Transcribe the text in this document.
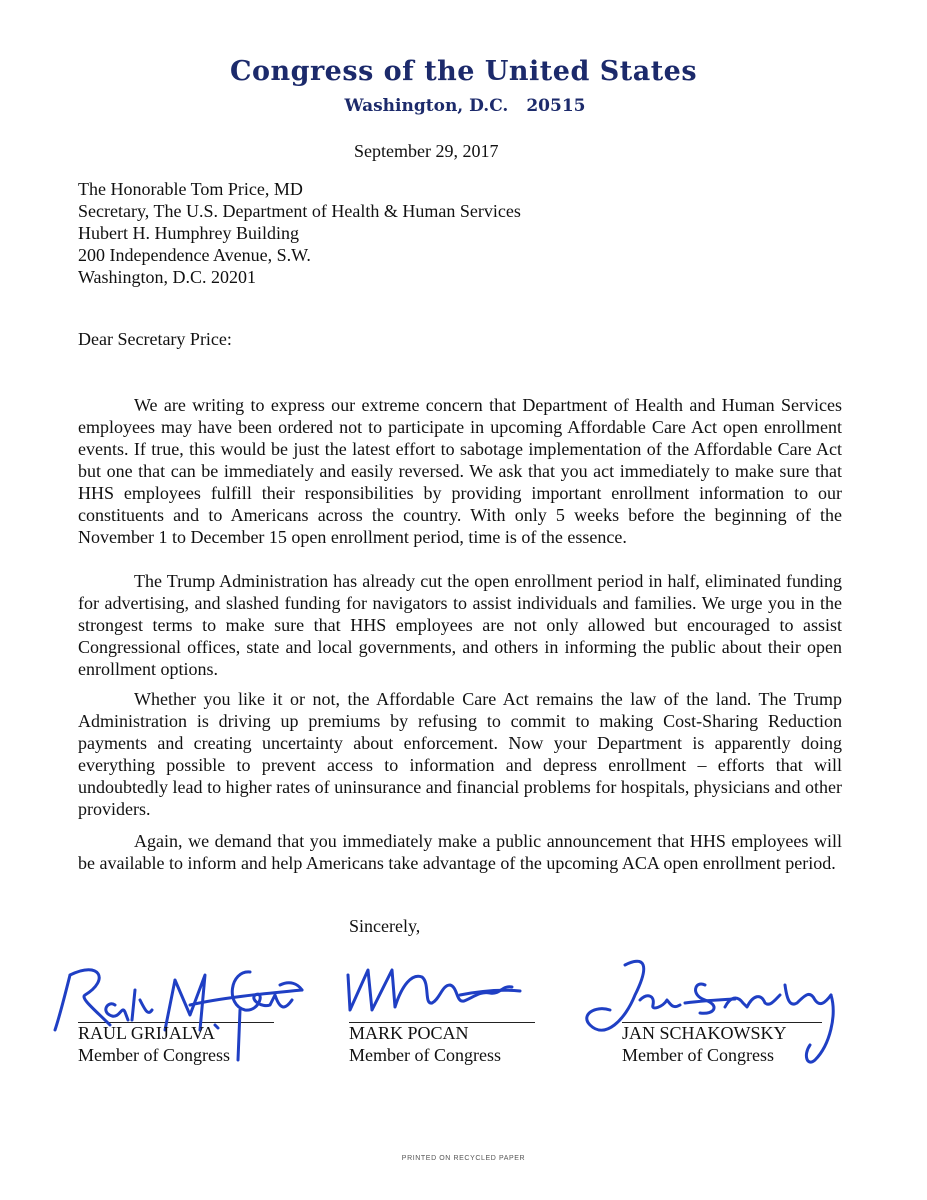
Congress of the United States
Washington, D.C. 20515
September 29, 2017
The Honorable Tom Price, MD
Secretary, The U.S. Department of Health & Human Services
Hubert H. Humphrey Building
200 Independence Avenue, S.W.
Washington, D.C. 20201
Dear Secretary Price:
We are writing to express our extreme concern that Department of Health and Human Services employees may have been ordered not to participate in upcoming Affordable Care Act open enrollment events. If true, this would be just the latest effort to sabotage implementation of the Affordable Care Act but one that can be immediately and easily reversed. We ask that you act immediately to make sure that HHS employees fulfill their responsibilities by providing important enrollment information to our constituents and to Americans across the country. With only 5 weeks before the beginning of the November 1 to December 15 open enrollment period, time is of the essence.
The Trump Administration has already cut the open enrollment period in half, eliminated funding for advertising, and slashed funding for navigators to assist individuals and families. We urge you in the strongest terms to make sure that HHS employees are not only allowed but encouraged to assist Congressional offices, state and local governments, and others in informing the public about their open enrollment options.
Whether you like it or not, the Affordable Care Act remains the law of the land. The Trump Administration is driving up premiums by refusing to commit to making Cost-Sharing Reduction payments and creating uncertainty about enforcement. Now your Department is apparently doing everything possible to prevent access to information and depress enrollment – efforts that will undoubtedly lead to higher rates of uninsurance and financial problems for hospitals, physicians and other providers.
Again, we demand that you immediately make a public announcement that HHS employees will be available to inform and help Americans take advantage of the upcoming ACA open enrollment period.
Sincerely,
RAUL GRIJALVA
Member of Congress
MARK POCAN
Member of Congress
JAN SCHAKOWSKY
Member of Congress
PRINTED ON RECYCLED PAPER
